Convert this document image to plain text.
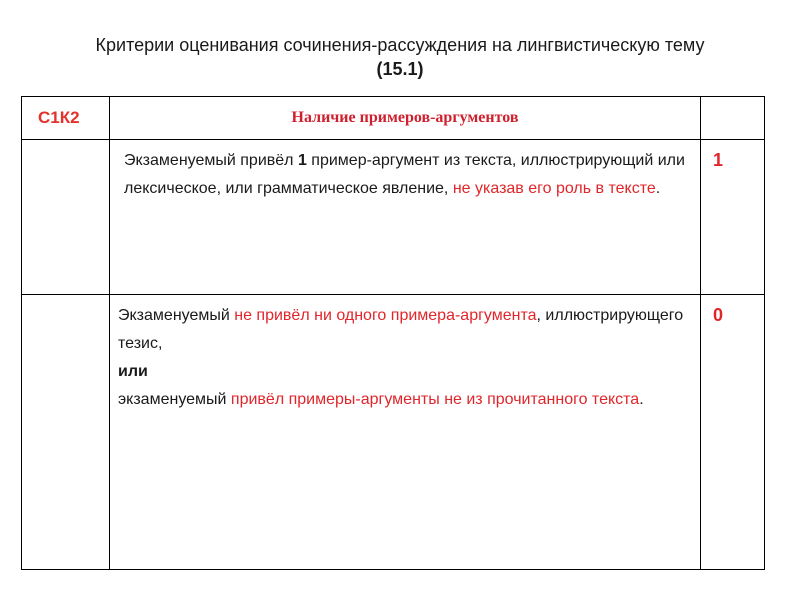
Критерии оценивания сочинения-рассуждения на лингвистическую тему
(15.1)
С1К2	Наличие примеров-аргументов	
	Экзаменуемый привёл 1 пример-аргумент из текста, иллюстрирующий или лексическое, или грамматическое явление, не указав его роль в тексте.	1
	Экзаменуемый не привёл ни одного примера-аргумента, иллюстрирующего тезис,
или
экзаменуемый привёл примеры-аргументы не из прочитанного текста.	0
